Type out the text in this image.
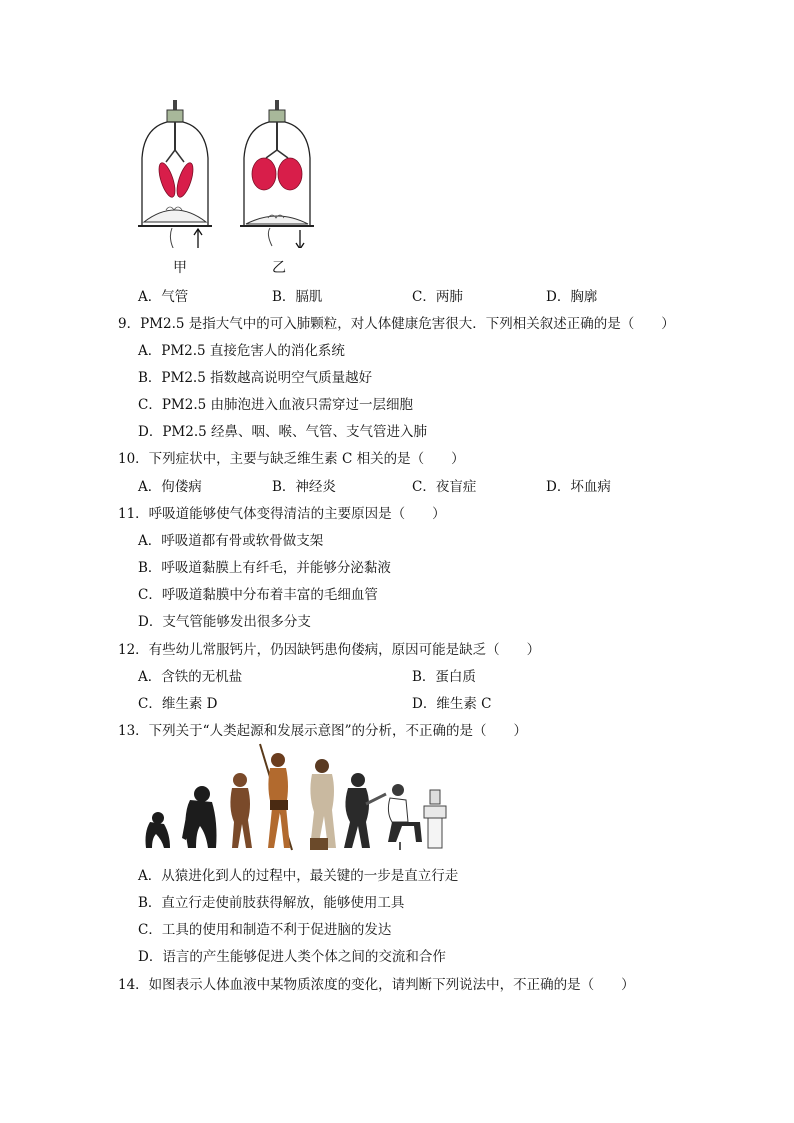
甲	乙
A．气管	B．膈肌	C．两肺	D．胸廓
9．PM2.5 是指大气中的可入肺颗粒，对人体健康危害很大．下列相关叙述正确的是（　　）
A．PM2.5 直接危害人的消化系统
B．PM2.5 指数越高说明空气质量越好
C．PM2.5 由肺泡进入血液只需穿过一层细胞
D．PM2.5 经鼻、咽、喉、气管、支气管进入肺
10．下列症状中，主要与缺乏维生素 C 相关的是（　　）
A．佝偻病	B．神经炎	C．夜盲症	D．坏血病
11．呼吸道能够使气体变得清洁的主要原因是（　　）
A．呼吸道都有骨或软骨做支架
B．呼吸道黏膜上有纤毛，并能够分泌黏液
C．呼吸道黏膜中分布着丰富的毛细血管
D．支气管能够发出很多分支
12．有些幼儿常服钙片，仍因缺钙患佝偻病，原因可能是缺乏（　　）
A．含铁的无机盐	B．蛋白质
C．维生素 D	D．维生素 C
13．下列关于“人类起源和发展示意图”的分析，不正确的是（　　）
A．从猿进化到人的过程中，最关键的一步是直立行走
B．直立行走使前肢获得解放，能够使用工具
C．工具的使用和制造不利于促进脑的发达
D．语言的产生能够促进人类个体之间的交流和合作
14．如图表示人体血液中某物质浓度的变化，请判断下列说法中，不正确的是（　　）
